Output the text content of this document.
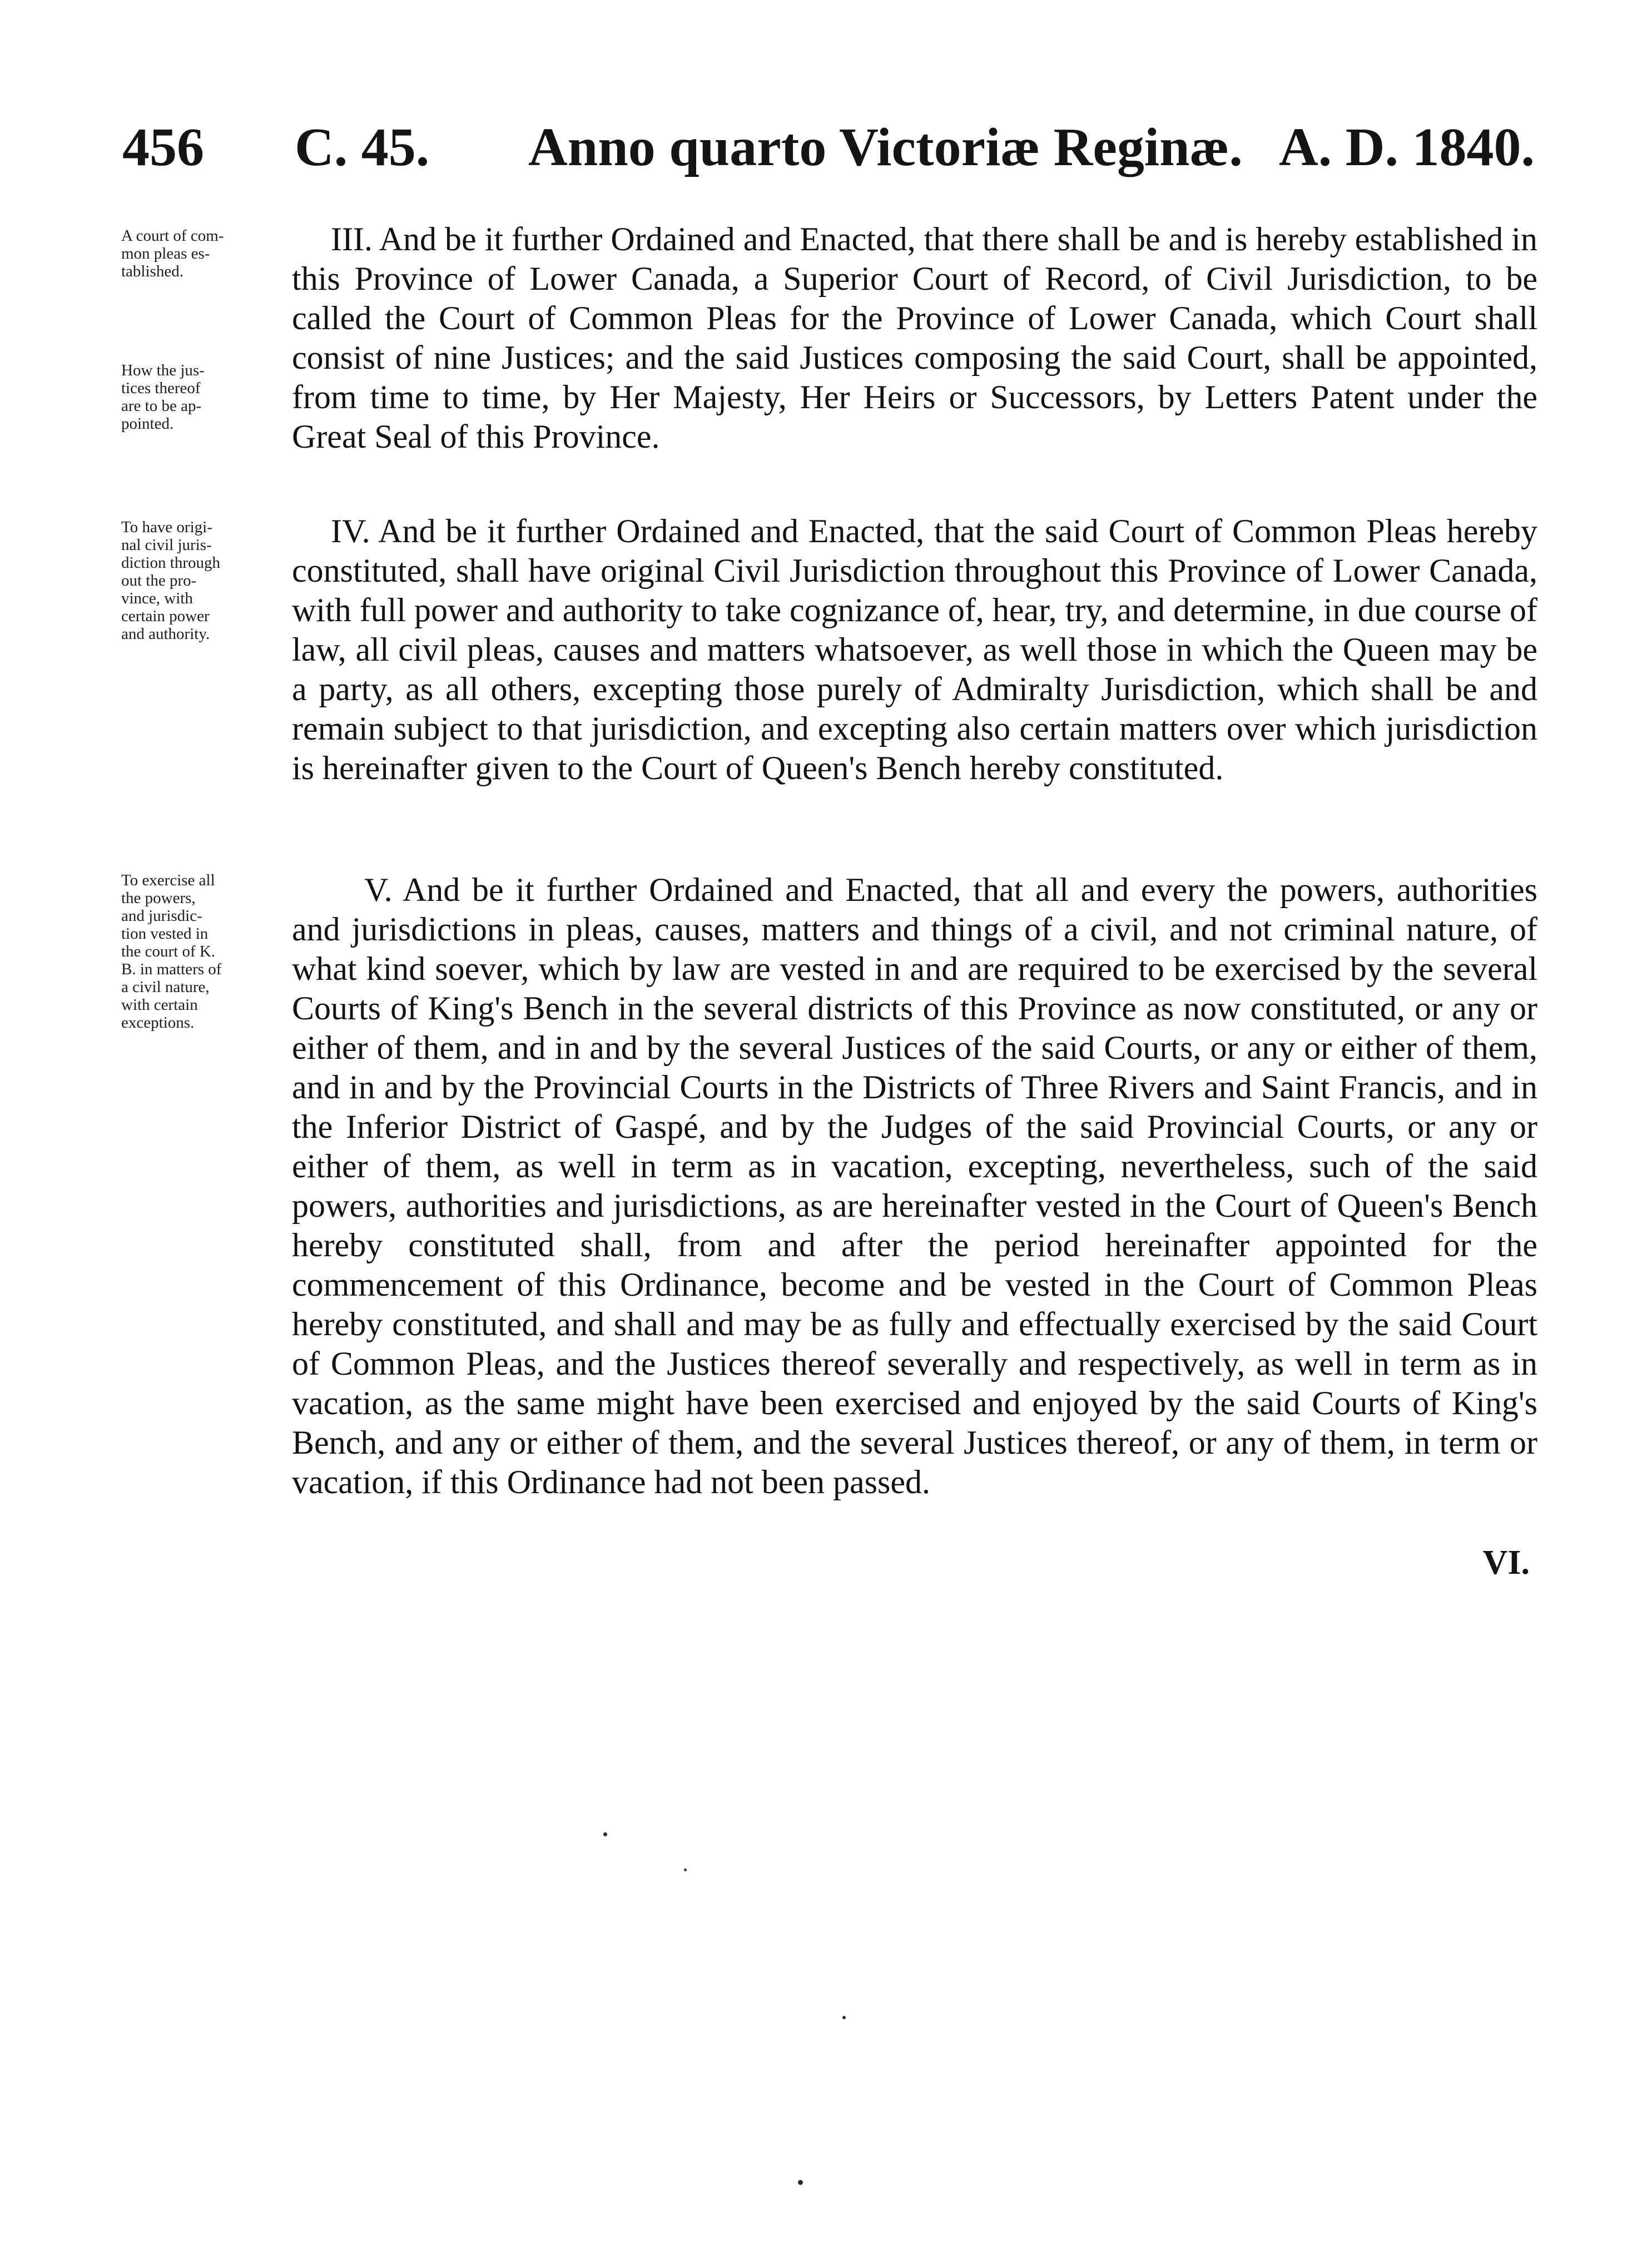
456 C. 45. Anno quarto Victoriæ Reginæ. A. D. 1840.
A court of com-
mon pleas es-
tablished.
How the jus-
tices thereof
are to be ap-
pointed.
To have origi-
nal civil juris-
diction through
out the pro-
vince, with
certain power
and authority.
To exercise all
the powers,
and jurisdic-
tion vested in
the court of K.
B. in matters of
a civil nature,
with certain
exceptions.
III. And be it further Ordained and Enacted, that there shall be and is hereby established in this Province of Lower Canada, a Superior Court of Record, of Civil Jurisdiction, to be called the Court of Common Pleas for the Province of Lower Canada, which Court shall consist of nine Justices; and the said Justices composing the said Court, shall be appointed, from time to time, by Her Majesty, Her Heirs or Successors, by Letters Patent under the Great Seal of this Province.
IV. And be it further Ordained and Enacted, that the said Court of Common Pleas hereby constituted, shall have original Civil Jurisdiction throughout this Province of Lower Canada, with full power and authority to take cognizance of, hear, try, and determine, in due course of law, all civil pleas, causes and matters whatsoever, as well those in which the Queen may be a party, as all others, excepting those purely of Admiralty Jurisdiction, which shall be and remain subject to that jurisdiction, and excepting also certain matters over which jurisdiction is hereinafter given to the Court of Queen's Bench hereby constituted.
V. And be it further Ordained and Enacted, that all and every the powers, authorities and jurisdictions in pleas, causes, matters and things of a civil, and not criminal nature, of what kind soever, which by law are vested in and are required to be exercised by the several Courts of King's Bench in the several districts of this Province as now constituted, or any or either of them, and in and by the several Justices of the said Courts, or any or either of them, and in and by the Provincial Courts in the Districts of Three Rivers and Saint Francis, and in the Inferior District of Gaspé, and by the Judges of the said Provincial Courts, or any or either of them, as well in term as in vacation, excepting, nevertheless, such of the said powers, authorities and jurisdictions, as are hereinafter vested in the Court of Queen's Bench hereby constituted shall, from and after the period hereinafter appointed for the commencement of this Ordinance, become and be vested in the Court of Common Pleas hereby constituted, and shall and may be as fully and effectually exercised by the said Court of Common Pleas, and the Justices thereof severally and respectively, as well in term as in vacation, as the same might have been exercised and enjoyed by the said Courts of King's Bench, and any or either of them, and the several Justices thereof, or any of them, in term or vacation, if this Ordinance had not been passed.
VI.
